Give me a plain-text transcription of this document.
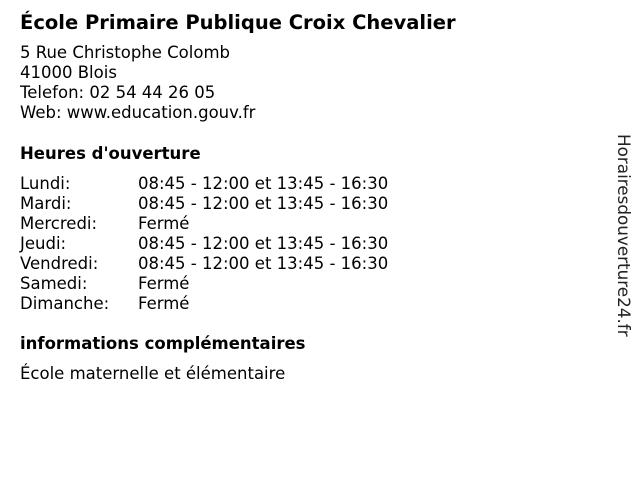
École Primaire Publique Croix Chevalier
5 Rue Christophe Colomb
41000 Blois
Telefon: 02 54 44 26 05
Web: www.education.gouv.fr
Heures d'ouverture
Lundi:	08:45 - 12:00 et 13:45 - 16:30
Mardi:	08:45 - 12:00 et 13:45 - 16:30
Mercredi: Fermé
Jeudi:	08:45 - 12:00 et 13:45 - 16:30
Vendredi: 08:45 - 12:00 et 13:45 - 16:30
Samedi:	Fermé
Dimanche: Fermé
informations complémentaires
École maternelle et élémentaire
Horairesdouverture24.fr
